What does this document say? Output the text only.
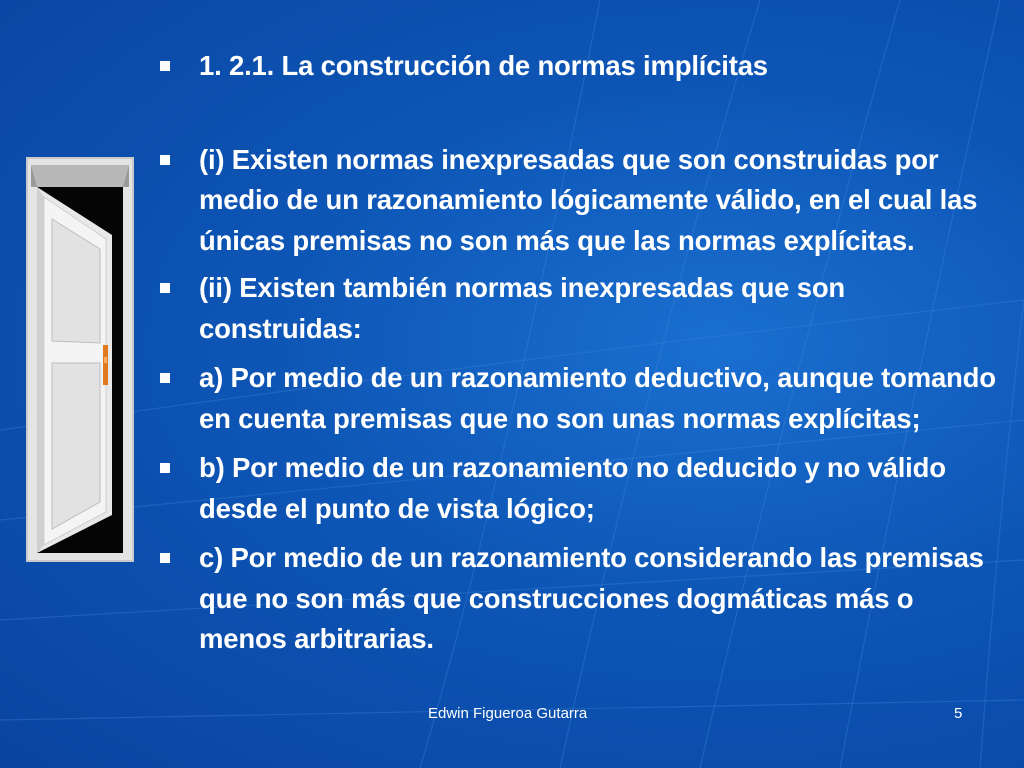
1. 2.1. La construcción de normas implícitas
(i) Existen normas inexpresadas que son construidas por medio de un razonamiento lógicamente válido, en el cual las únicas premisas no son más que las normas explícitas.
(ii) Existen también normas inexpresadas que son construidas:
a) Por medio de un razonamiento deductivo, aunque tomando en cuenta premisas que no son unas normas explícitas;
b) Por medio de un razonamiento no deducido y no válido desde el punto de vista lógico;
c) Por medio de un razonamiento considerando las premisas que no son más que construcciones dogmáticas más o menos arbitrarias.
Edwin Figueroa Gutarra	5
